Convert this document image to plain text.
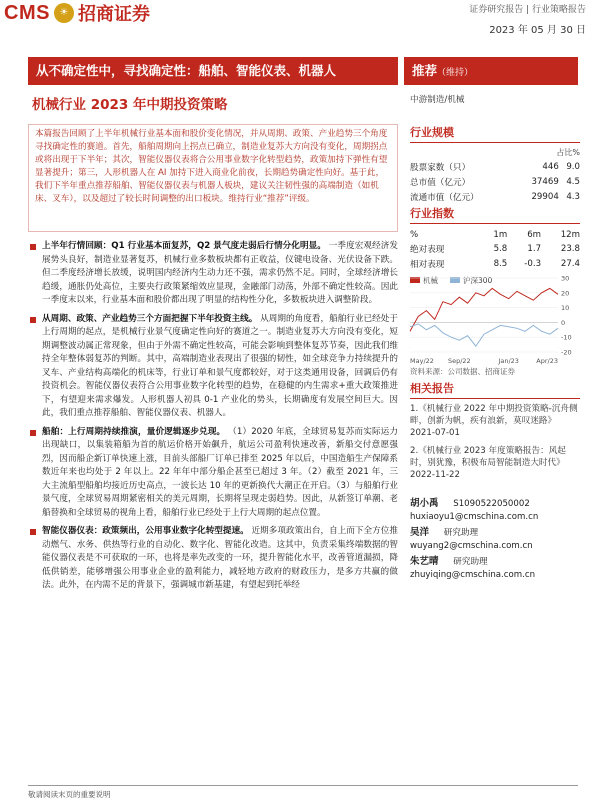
CMS ☀ 招商证券	证券研究报告 | 行业策略报告
2023 年 05 月 30 日
从不确定性中，寻找确定性：船舶、智能仪表、机器人	推荐（维持）
机械行业 2023 年中期投资策略	中游制造/机械
本篇报告回顾了上半年机械行业基本面和股价变化情况，并从周期、政策、产业趋势三个角度寻找确定性的赛道。首先，船舶周期向上拐点已确立，制造业复苏大方向没有变化，周期拐点或将出现于下半年；其次，智能仪器仪表将合公用事业数字化转型趋势，政策加持下弹性有望显著提升；第三，人形机器人在 AI 加持下进入商业化前夜，长期趋势确定性向好。基于此，我们下半年重点推荐船舶、智能仪器仪表与机器人板块，建议关注韧性强的高端制造（如机床、叉车），以及超过了较长时间调整的出口板块。维持行业“推荐”评级。
上半年行情回顾：Q1 行业基本面复苏，Q2 景气度走弱后行情分化明显。 一季度宏观经济发展势头良好，制造业显著复苏，机械行业多数板块都有正收益，仪键电设备、光伏设备下跌。但二季度经济增长放缓，说明国内经济内生动力还不强，需求仍然不足。同时，全球经济增长趋缓，通胀仍处高位，主要央行政策紧缩效应显现，金融部门动荡，外部不确定性较高。因此一季度末以来，行业基本面和股价都出现了明显的结构性分化，多数板块进入调整阶段。
从周期、政策、产业趋势三个方面把握下半年投资主线。 从周期的角度看，船舶行业已经处于上行周期的起点，是机械行业景气度确定性向好的赛道之一。制造业复苏大方向没有变化，短期调整波动属正常现象，但由于外需不确定性较高，可能会影响到整体复苏节奏，因此我们维持全年整体弱复苏的判断。其中，高端制造业表现出了很强的韧性，如全球竞争力持续提升的叉车、产业结构高端化的机床等，行业订单和景气度都较好，对于这类通用设备，回调后仍有投资机会。智能仪器仪表符合公用事业数字化转型的趋势，在稳健的内生需求+重大政策推进下，有望迎来需求爆发。人形机器人初具 0-1 产业化的势头，长期确度有发展空间巨大。因此，我们重点推荐船舶、智能仪器仪表、机器人。
船舶：上行周期持续推演，量价逻辑逐步兑现。 （1）2020 年底，全球贸易复苏而实际运力出现缺口，以集装箱船为首的航运价格开始飙升，航运公司盈利快速改善，新船交付意愿强烈，因而船企新订单快速上涨，目前头部船厂订单已排至 2025 年以后，中国造船生产保障系数近年来也均处于 2 年以上。22 年年中部分船企甚至已超过 3 年。（2）截至 2021 年，三大主流船型船舶均接近历史高点，一波长达 10 年的更新换代大潮正在开启。（3）与船舶行业景气度，全球贸易周期紧密相关的美元周期，长期将呈现走弱趋势。因此，从新签订单潮、老船替换和全球贸易的视角上看，船舶行业已经处于上行大周期的起点位置。
智能仪器仪表：政策频出，公用事业数字化转型提速。 近期多项政策出台，自上而下全方位推动燃气、水务、供热等行业的自动化、数字化、智能化改造。这其中，负责采集终端数据的智能仪器仪表是不可获取的一环，也将是率先改变的一环，提升智能化水平，改善管道漏损，降低供销差，能够增强公用事业企业的盈利能力，减轻地方政府的财政压力，是多方共赢的做法。此外，在内需不足的背景下，强调城市新基建，有望起到托举经
行业规模
占比%
股票家数（只）	446	9.0
总市值（亿元）	37469	4.5
流通市值（亿元）	29904	4.3
行业指数
%	1m	6m	12m
绝对表现	5.8	1.7	23.8
相对表现	8.5	-0.3	27.4
机械	沪深300	30
20
10
0
-10
-20
May/22 Sep/22	Jan/23	Apr/23
资料来源：公司数据、招商证券
相关报告
1.《机械行业 2022 年中期投资策略-沉舟侧畔，创新为帆，疾有浪新，莫叹迷路》2021-07-01
2.《机械行业 2023 年度策略报告：风起时，别犹豫，积极布局智能制造大时代》2022-11-22
胡小禹 S1090522050002
huxiaoyu1@cmschina.com.cn
吴洋 研究助理
wuyang2@cmschina.com.cn
朱艺晴 研究助理
zhuyiqing@cmschina.com.cn
敬请阅读末页的重要说明
